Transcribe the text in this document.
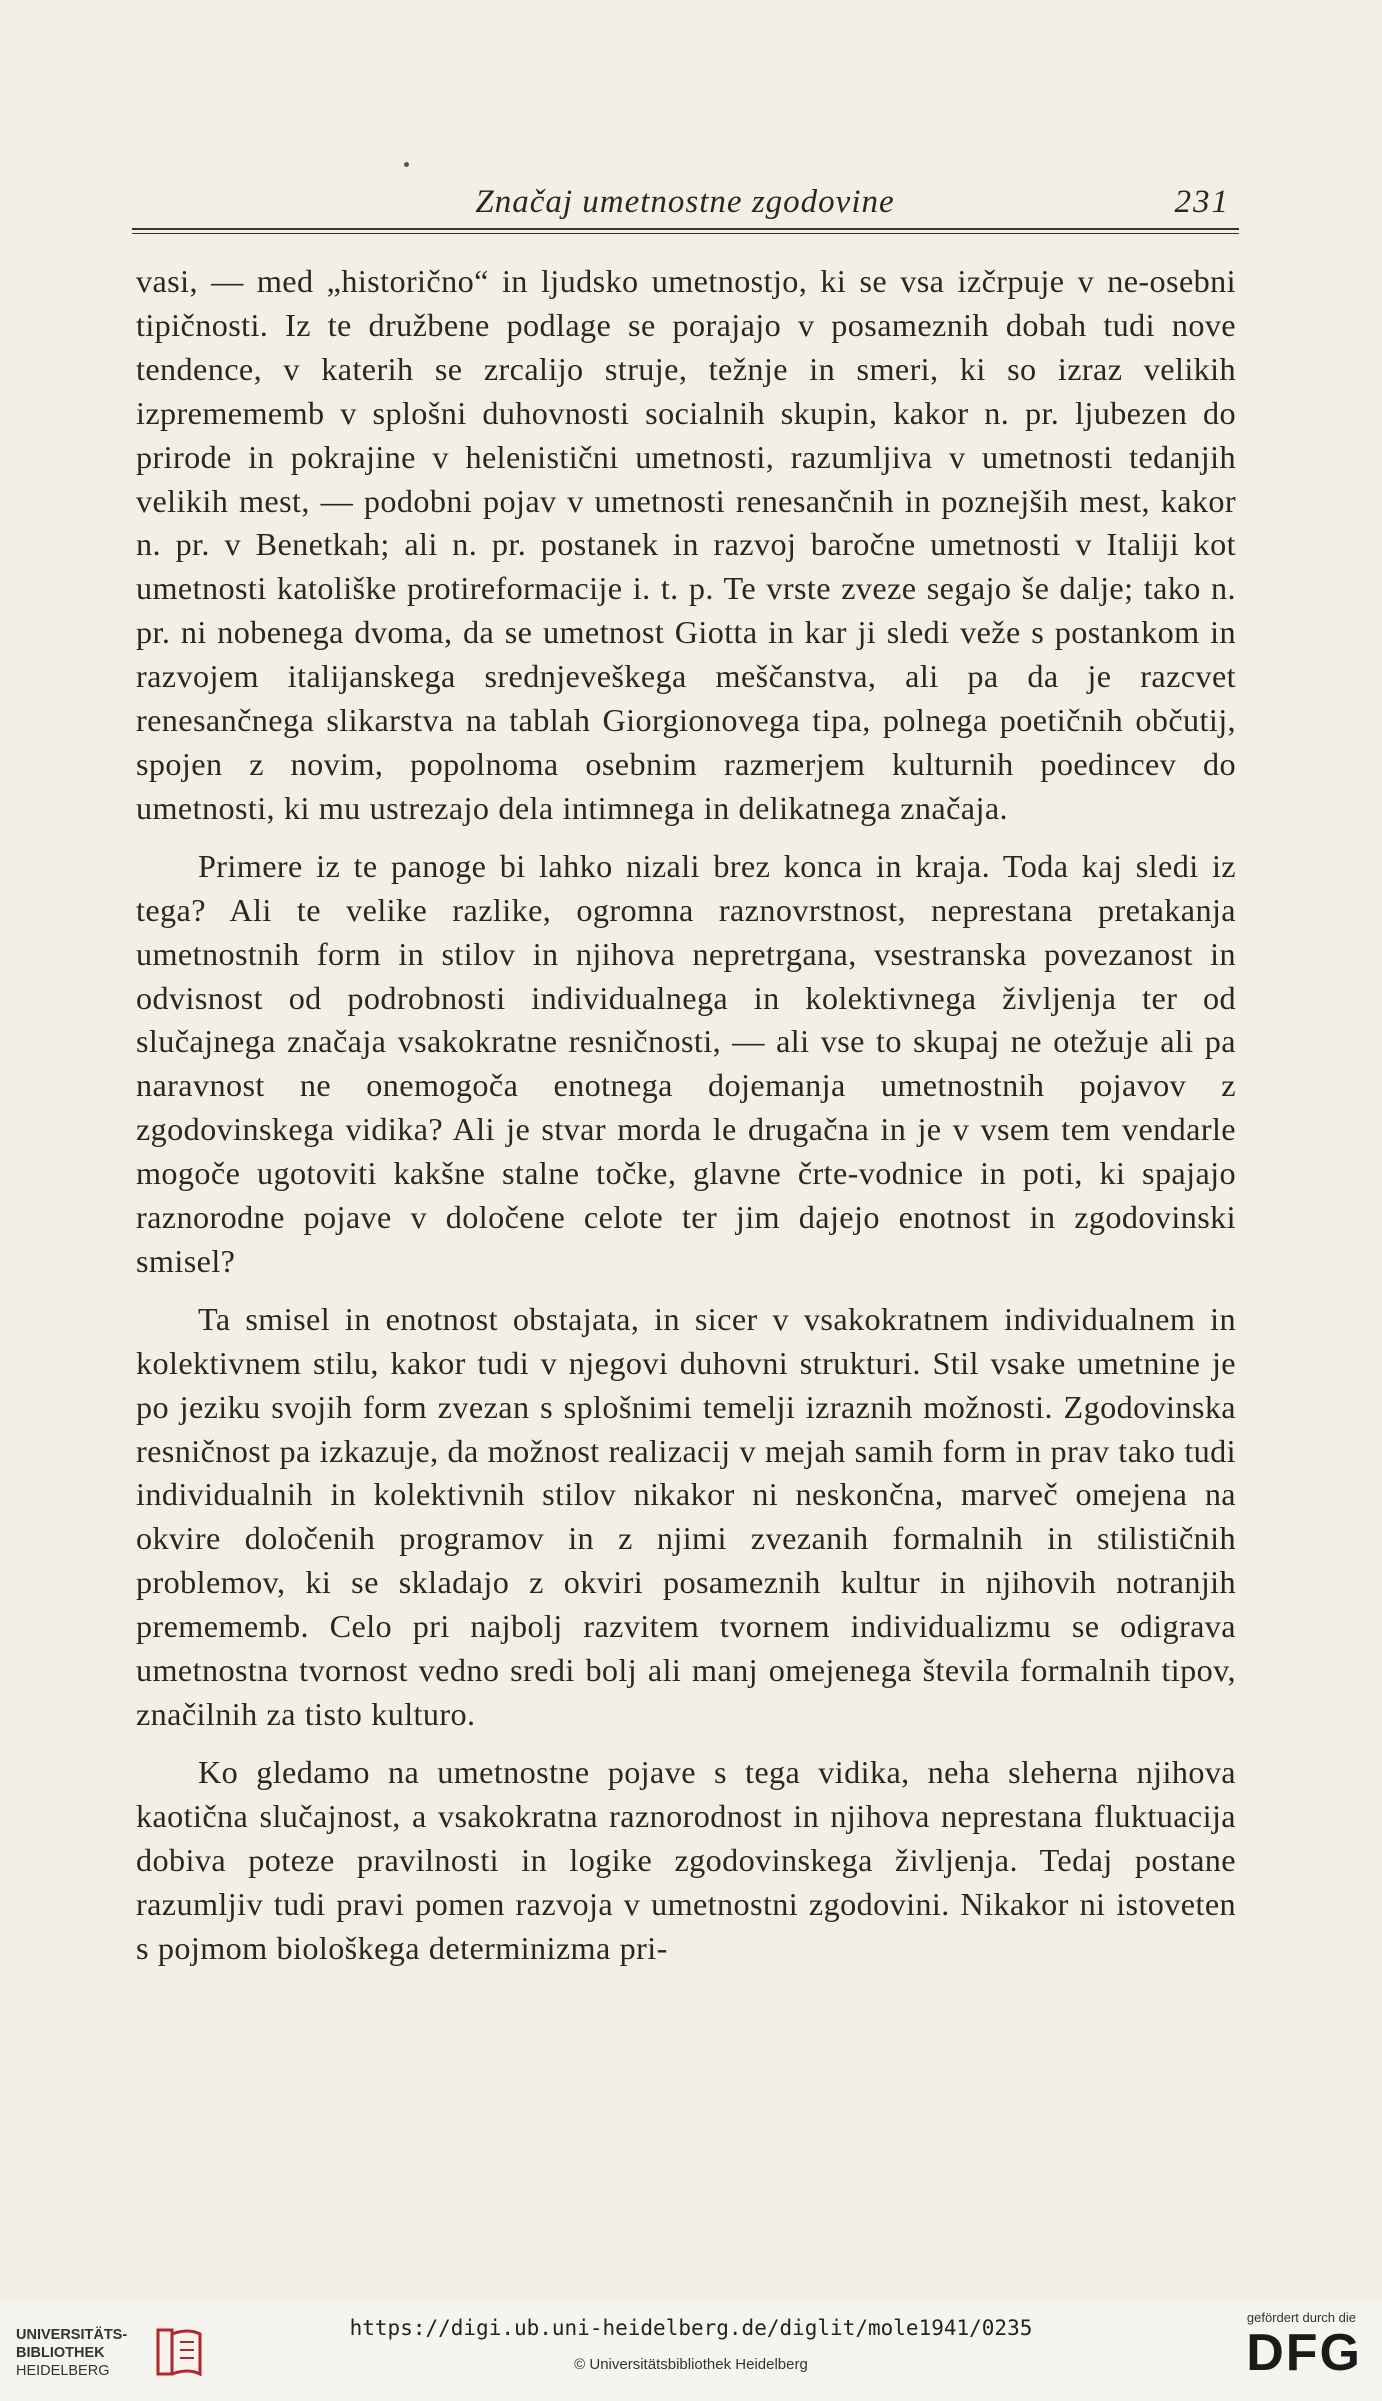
Značaj umetnostne zgodovine	231

vasi, — med „historično“ in ljudsko umetnostjo, ki se vsa izčrpuje v ne-osebni tipičnosti. Iz te družbene podlage se porajajo v posameznih dobah tudi nove tendence, v katerih se zrcalijo struje, težnje in smeri, ki so izraz velikih izpremememb v splošni duhovnosti socialnih skupin, kakor n. pr. ljubezen do prirode in pokrajine v helenistični umetnosti, razumljiva v umetnosti tedanjih velikih mest, — podobni pojav v umetnosti renesančnih in poznejših mest, kakor n. pr. v Benetkah; ali n. pr. postanek in razvoj baročne umetnosti v Italiji kot umetnosti katoliške protireformacije i. t. p. Te vrste zveze segajo še dalje; tako n. pr. ni nobenega dvoma, da se umetnost Giotta in kar ji sledi veže s postankom in razvojem italijanskega srednjeveškega meščanstva, ali pa da je razcvet renesančnega slikarstva na tablah Giorgionovega tipa, polnega poetičnih občutij, spojen z novim, popolnoma osebnim razmerjem kulturnih poedincev do umetnosti, ki mu ustrezajo dela intimnega in delikatnega značaja.

Primere iz te panoge bi lahko nizali brez konca in kraja. Toda kaj sledi iz tega? Ali te velike razlike, ogromna raznovrstnost, neprestana pretakanja umetnostnih form in stilov in njihova nepretrgana, vsestranska povezanost in odvisnost od podrobnosti individualnega in kolektivnega življenja ter od slučajnega značaja vsakokratne resničnosti, — ali vse to skupaj ne otežuje ali pa naravnost ne onemogoča enotnega dojemanja umetnostnih pojavov z zgodovinskega vidika? Ali je stvar morda le drugačna in je v vsem tem vendarle mogoče ugotoviti kakšne stalne točke, glavne črte-vodnice in poti, ki spajajo raznorodne pojave v določene celote ter jim dajejo enotnost in zgodovinski smisel?

Ta smisel in enotnost obstajata, in sicer v vsakokratnem individualnem in kolektivnem stilu, kakor tudi v njegovi duhovni strukturi. Stil vsake umetnine je po jeziku svojih form zvezan s splošnimi temelji izraznih možnosti. Zgodovinska resničnost pa izkazuje, da možnost realizacij v mejah samih form in prav tako tudi individualnih in kolektivnih stilov nikakor ni neskončna, marveč omejena na okvire določenih programov in z njimi zvezanih formalnih in stilističnih problemov, ki se skladajo z okviri posameznih kultur in njihovih notranjih premememb. Celo pri najbolj razvitem tvornem individualizmu se odigrava umetnostna tvornost vedno sredi bolj ali manj omejenega števila formalnih tipov, značilnih za tisto kulturo.

Ko gledamo na umetnostne pojave s tega vidika, neha sleherna njihova kaotična slučajnost, a vsakokratna raznorodnost in njihova neprestana fluktuacija dobiva poteze pravilnosti in logike zgodovinskega življenja. Tedaj postane razumljiv tudi pravi pomen razvoja v umetnostni zgodovini. Nikakor ni istoveten s pojmom biološkega determinizma pri-

UNIVERSITÄTS-
BIBLIOTHEK
HEIDELBERG
https://digi.ub.uni-heidelberg.de/diglit/mole1941/0235
© Universitätsbibliothek Heidelberg
gefördert durch die
DFG
